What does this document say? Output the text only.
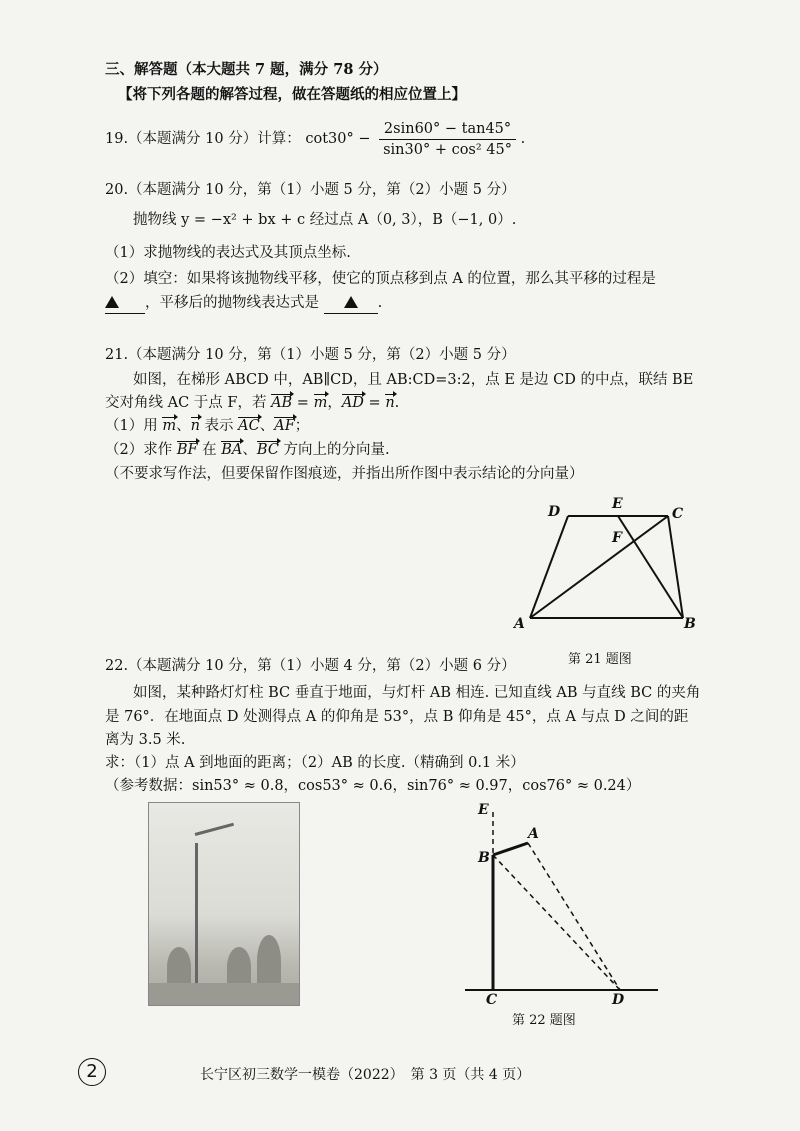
三、解答题（本大题共 7 题，满分 78 分）
【将下列各题的解答过程，做在答题纸的相应位置上】
19.（本题满分 10 分）计算： $\cot 30^\circ - \frac{2\sin 60^\circ - \tan 45^\circ}{\text{sin30° + cos² 45°}}$ .
20.（本题满分 10 分，第（1）小题 5 分，第（2）小题 5 分）
抛物线 y = −x² + bx + c 经过点 A（0, 3），B（−1, 0）.
（1）求抛物线的表达式及其顶点坐标.
（2）填空：如果将该抛物线平移，使它的顶点移到点 A 的位置，那么其平移的过程是
，平移后的抛物线表达式是	.
21.（本题满分 10 分，第（1）小题 5 分，第（2）小题 5 分）
如图，在梯形 ABCD 中，AB∥CD，且 AB:CD=3:2，点 E 是边 CD 的中点，联结 BE
交对角线 AC 于点 F，若 AB = m，AD = n.
（1）用 m、n 表示 AC、AF；
（2）求作 BF 在 BA、BC 方向上的分向量.
（不要求写作法，但要保留作图痕迹，并指出所作图中表示结论的分向量）
D	E
C
F
A	B
第 21 题图
22.（本题满分 10 分，第（1）小题 4 分，第（2）小题 6 分）
如图，某种路灯灯柱 BC 垂直于地面，与灯杆 AB 相连. 已知直线 AB 与直线 BC 的夹角
是 76°．在地面点 D 处测得点 A 的仰角是 53°，点 B 仰角是 45°，点 A 与点 D 之间的距
离为 3.5 米.
求：（1）点 A 到地面的距离；（2）AB 的长度.（精确到 0.1 米）
（参考数据：sin53° ≈ 0.8，cos53° ≈ 0.6，sin76° ≈ 0.97，cos76° ≈ 0.24）
E
A
B
C	D
第 22 题图
2	长宁区初三数学一模卷（2022）　第 3 页（共 4 页）
